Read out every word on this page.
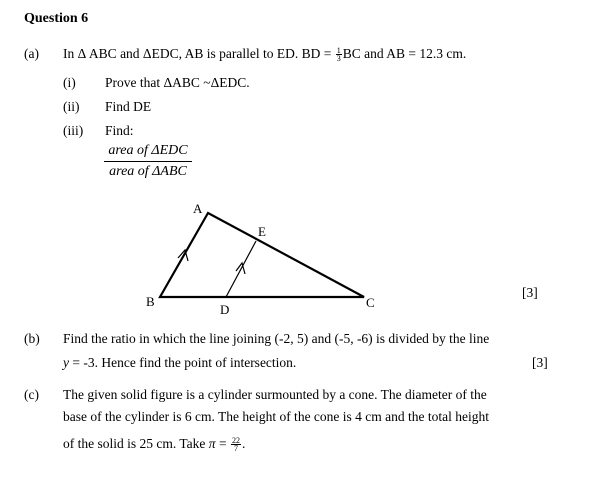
Question 6
(a) In Δ ABC and ΔEDC, AB is parallel to ED. BD = $\frac{1}{3}$ BC and AB = 12.3 cm.
(i) Prove that ΔABC ~ΔEDC.
(ii) Find DE
(iii) Find:
area of ΔEDC
area of ΔABC
A
B	C
D
E
[3]
(b) Find the ratio in which the line joining (-2, 5) and (-5, -6) is divided by the line
y = -3. Hence find the point of intersection.	[3]
(c) The given solid figure is a cylinder surmounted by a cone. The diameter of the
base of the cylinder is 6 cm. The height of the cone is 4 cm and the total height
of the solid is 25 cm. Take $\pi = \frac{22}{7}$ .
